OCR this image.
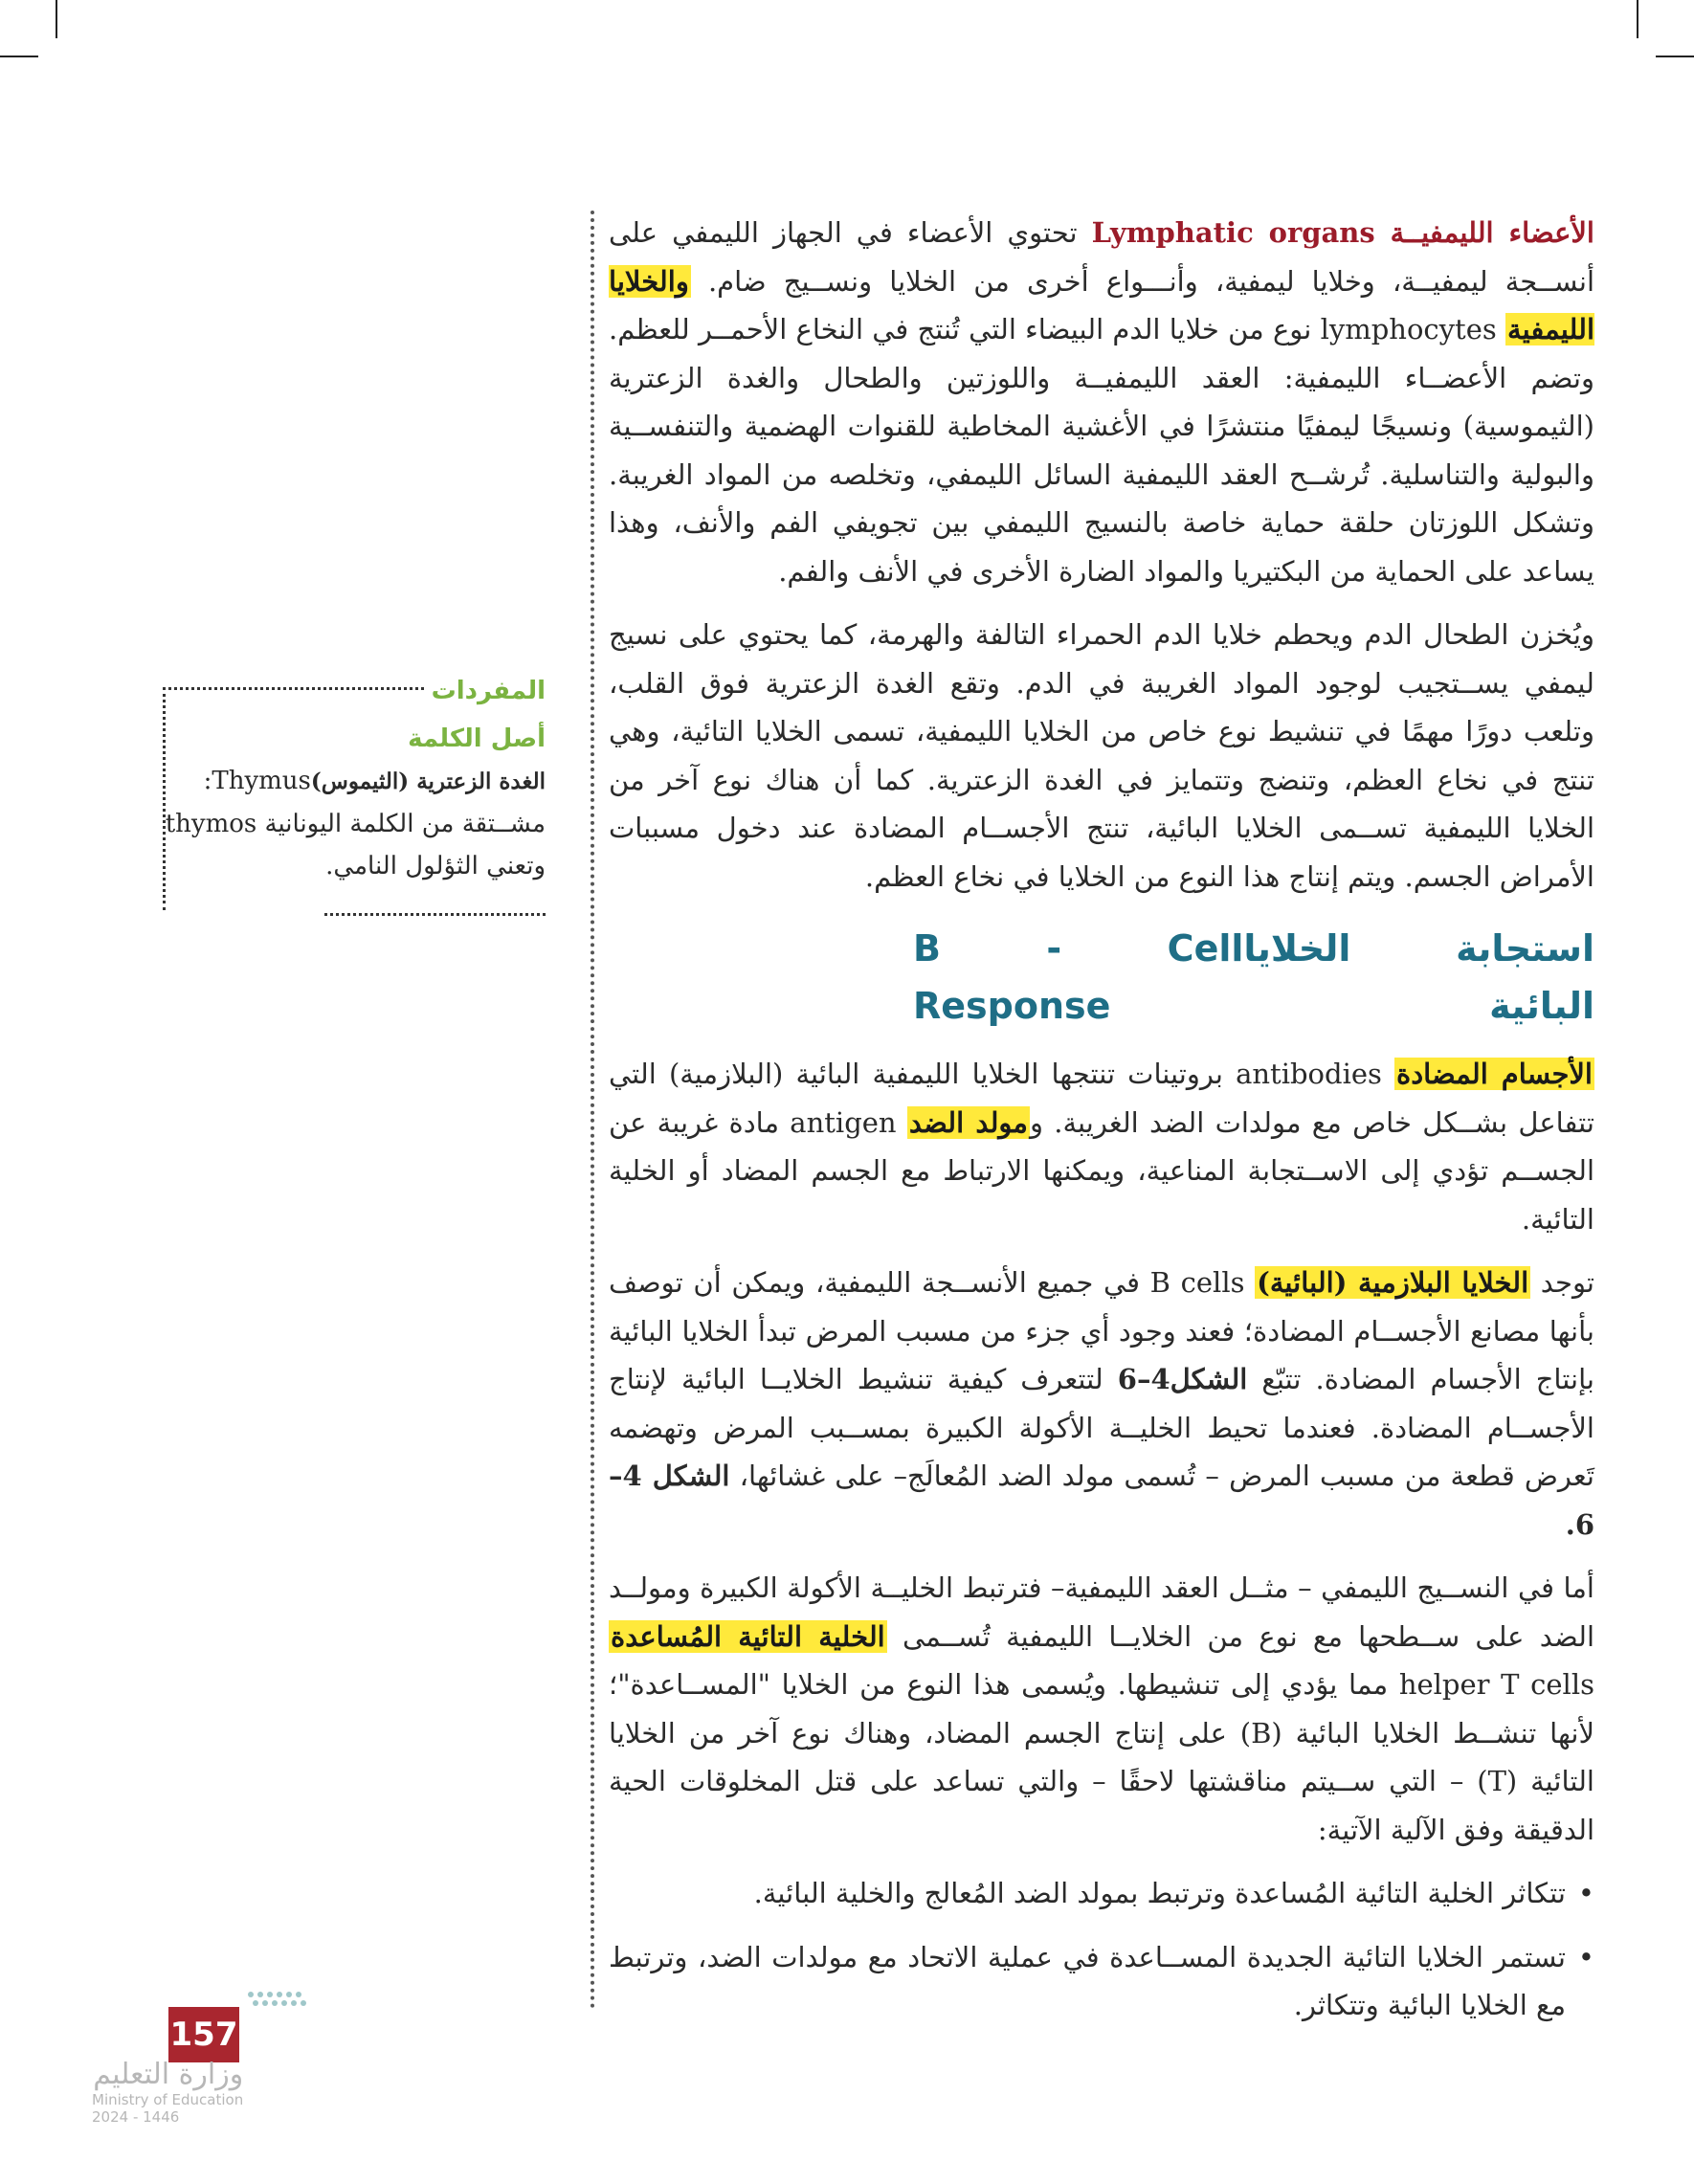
الأعضاء الليمفيــة Lymphatic organs تحتوي الأعضاء في الجهاز الليمفي على أنســجة ليمفيــة، وخلايا ليمفية، وأنـــواع أخرى من الخلايا ونســيج ضام. والخلايا الليمفية lymphocytes نوع من خلايا الدم البيضاء التي تُنتج في النخاع الأحمــر للعظم. وتضم الأعضــاء الليمفية: العقد الليمفيــة واللوزتين والطحال والغدة الزعترية (الثيموسية) ونسيجًا ليمفيًا منتشرًا في الأغشية المخاطية للقنوات الهضمية والتنفســية والبولية والتناسلية. تُرشــح العقد الليمفية السائل الليمفي، وتخلصه من المواد الغريبة. وتشكل اللوزتان حلقة حماية خاصة بالنسيج الليمفي بين تجويفي الفم والأنف، وهذا يساعد على الحماية من البكتيريا والمواد الضارة الأخرى في الأنف والفم.

ويُخزن الطحال الدم ويحطم خلايا الدم الحمراء التالفة والهرمة، كما يحتوي على نسيج ليمفي يســتجيب لوجود المواد الغريبة في الدم. وتقع الغدة الزعترية فوق القلب، وتلعب دورًا مهمًا في تنشيط نوع خاص من الخلايا الليمفية، تسمى الخلايا التائية، وهي تنتج في نخاع العظم، وتنضج وتتمايز في الغدة الزعترية. كما أن هناك نوع آخر من الخلايا الليمفية تســمى الخلايا البائية، تنتج الأجســام المضادة عند دخول مسببات الأمراض الجسم. ويتم إنتاج هذا النوع من الخلايا في نخاع العظم.

استجابة الخلايا البائية
B - Cell Response

الأجسام المضادة antibodies بروتينات تنتجها الخلايا الليمفية البائية (البلازمية) التي تتفاعل بشــكل خاص مع مولدات الضد الغريبة. ومولد الضد antigen مادة غريبة عن الجســم تؤدي إلى الاســتجابة المناعية، ويمكنها الارتباط مع الجسم المضاد أو الخلية التائية.

توجد الخلايا البلازمية (البائية) B cells في جميع الأنســجة الليمفية، ويمكن أن توصف بأنها مصانع الأجســام المضادة؛ فعند وجود أي جزء من مسبب المرض تبدأ الخلايا البائية بإنتاج الأجسام المضادة. تتبّع الشكل4–6 لتتعرف كيفية تنشيط الخلايــا البائية لإنتاج الأجســام المضادة. فعندما تحيط الخليــة الأكولة الكبيرة بمســبب المرض وتهضمه تَعرض قطعة من مسبب المرض – تُسمى مولد الضد المُعالَج– على غشائها، الشكل 4–6.

أما في النســيج الليمفي – مثــل العقد الليمفية– فترتبط الخليــة الأكولة الكبيرة ومولــد الضد على ســطحها مع نوع من الخلايــا الليمفية تُســمى الخلية التائية المُساعدة helper T cells مما يؤدي إلى تنشيطها. ويُسمى هذا النوع من الخلايا "المســاعدة"؛ لأنها تنشــط الخلايا البائية (B) على إنتاج الجسم المضاد، وهناك نوع آخر من الخلايا التائية (T) – التي ســيتم مناقشتها لاحقًا – والتي تساعد على قتل المخلوقات الحية الدقيقة وفق الآلية الآتية:

• تتكاثر الخلية التائية المُساعدة وترتبط بمولد الضد المُعالج والخلية البائية.

• تستمر الخلايا التائية الجديدة المســاعدة في عملية الاتحاد مع مولدات الضد، وترتبط مع الخلايا البائية وتتكاثر.

المفردات
أصل الكلمة

الغدة الزعترية (الثيموس)Thymus:

مشــتقة من الكلمة اليونانية thymos

وتعني الثؤلول النامي.

157
وزارة التعليم
Ministry of Education
2024 - 1446
